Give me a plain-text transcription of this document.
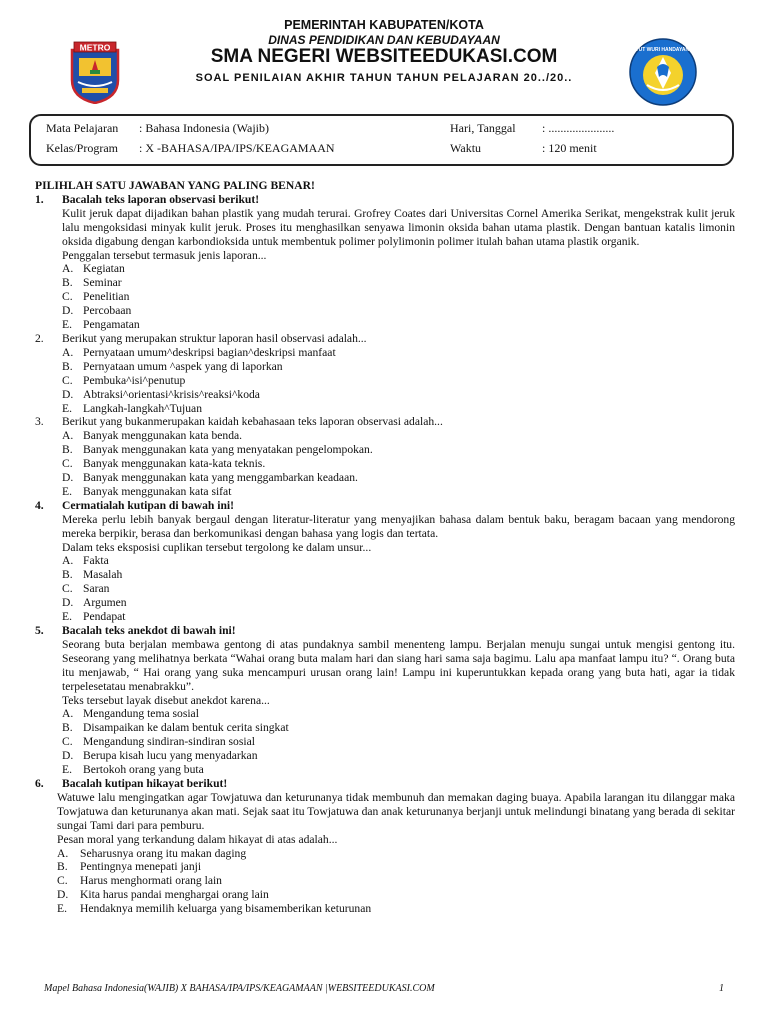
METRO
PEMERINTAH KABUPATEN/KOTA
DINAS PENDIDIKAN DAN KEBUDAYAAN
SMA NEGERI WEBSITEEDUKASI.COM
SOAL PENILAIAN AKHIR TAHUN TAHUN PELAJARAN 20../20..
TUT WURI HANDAYANI
Mata Pelajaran : Bahasa Indonesia (Wajib)
Kelas/Program : X -BAHASA/IPA/IPS/KEAGAMAAN
Hari, Tanggal : ......................
Waktu	: 120 menit
PILIHLAH SATU JAWABAN YANG PALING BENAR!
1. Bacalah teks laporan observasi berikut!
Kulit jeruk dapat dijadikan bahan plastik yang mudah terurai. Grofrey Coates dari Universitas Cornel Amerika Serikat, mengekstrak kulit jeruk lalu mengoksidasi minyak kulit jeruk. Proses itu menghasilkan senyawa limonin oksida bahan utama plastik. Dengan bantuan katalis limonin oksida digabung dengan karbondioksida untuk membentuk polimer polylimonin polimer itulah bahan utama plastik organik.
Penggalan tersebut termasuk jenis laporan...
A. Kegiatan
B. Seminar
C. Penelitian
D. Percobaan
E. Pengamatan
2. Berikut yang merupakan struktur laporan hasil observasi adalah...
A. Pernyataan umum^deskripsi bagian^deskripsi manfaat
B. Pernyataan umum ^aspek yang di laporkan
C. Pembuka^isi^penutup
D. Abtraksi^orientasi^krisis^reaksi^koda
E. Langkah-langkah^Tujuan
3. Berikut yang bukanmerupakan kaidah kebahasaan teks laporan observasi adalah...
A. Banyak menggunakan kata benda.
B. Banyak menggunakan kata yang menyatakan pengelompokan.
C. Banyak menggunakan kata-kata teknis.
D. Banyak menggunakan kata yang menggambarkan keadaan.
E. Banyak menggunakan kata sifat
4. Cermatialah kutipan di bawah ini!
Mereka perlu lebih banyak bergaul dengan literatur-literatur yang menyajikan bahasa dalam bentuk baku, beragam bacaan yang mendorong mereka berpikir, berasa dan berkomunikasi dengan bahasa yang logis dan tertata.
Dalam teks eksposisi cuplikan tersebut tergolong ke dalam unsur...
A. Fakta
B. Masalah
C. Saran
D. Argumen
E. Pendapat
5. Bacalah teks anekdot di bawah ini!
Seorang buta berjalan membawa gentong di atas pundaknya sambil menenteng lampu. Berjalan menuju sungai untuk mengisi gentong itu. Seseorang yang melihatnya berkata “Wahai orang buta malam hari dan siang hari sama saja bagimu. Lalu apa manfaat lampu itu? “. Orang buta itu menjawab, “ Hai orang yang suka mencampuri urusan orang lain! Lampu ini kuperuntukkan kepada orang yang buta hati, agar ia tidak terpelesetatau menabrakku”.
Teks tersebut layak disebut anekdot karena...
A. Mengandung tema sosial
B. Disampaikan ke dalam bentuk cerita singkat
C. Mengandung sindiran-sindiran sosial
D. Berupa kisah lucu yang menyadarkan
E. Bertokoh orang yang buta
6. Bacalah kutipan hikayat berikut!
Watuwe lalu mengingatkan agar Towjatuwa dan keturunanya tidak membunuh dan memakan daging buaya. Apabila larangan itu dilanggar maka Towjatuwa dan keturunanya akan mati. Sejak saat itu Towjatuwa dan anak keturunanya berjanji untuk melindungi binatang yang berada di sekitar sungai Tami dari para pemburu.
Pesan moral yang terkandung dalam hikayat di atas adalah...
A. Seharusnya orang itu makan daging
B. Pentingnya menepati janji
C. Harus menghormati orang lain
D. Kita harus pandai menghargai orang lain
E. Hendaknya memilih keluarga yang bisamemberikan keturunan
Mapel Bahasa Indonesia(WAJIB) X BAHASA/IPA/IPS/KEAGAMAAN |WEBSITEEDUKASI.COM	1
